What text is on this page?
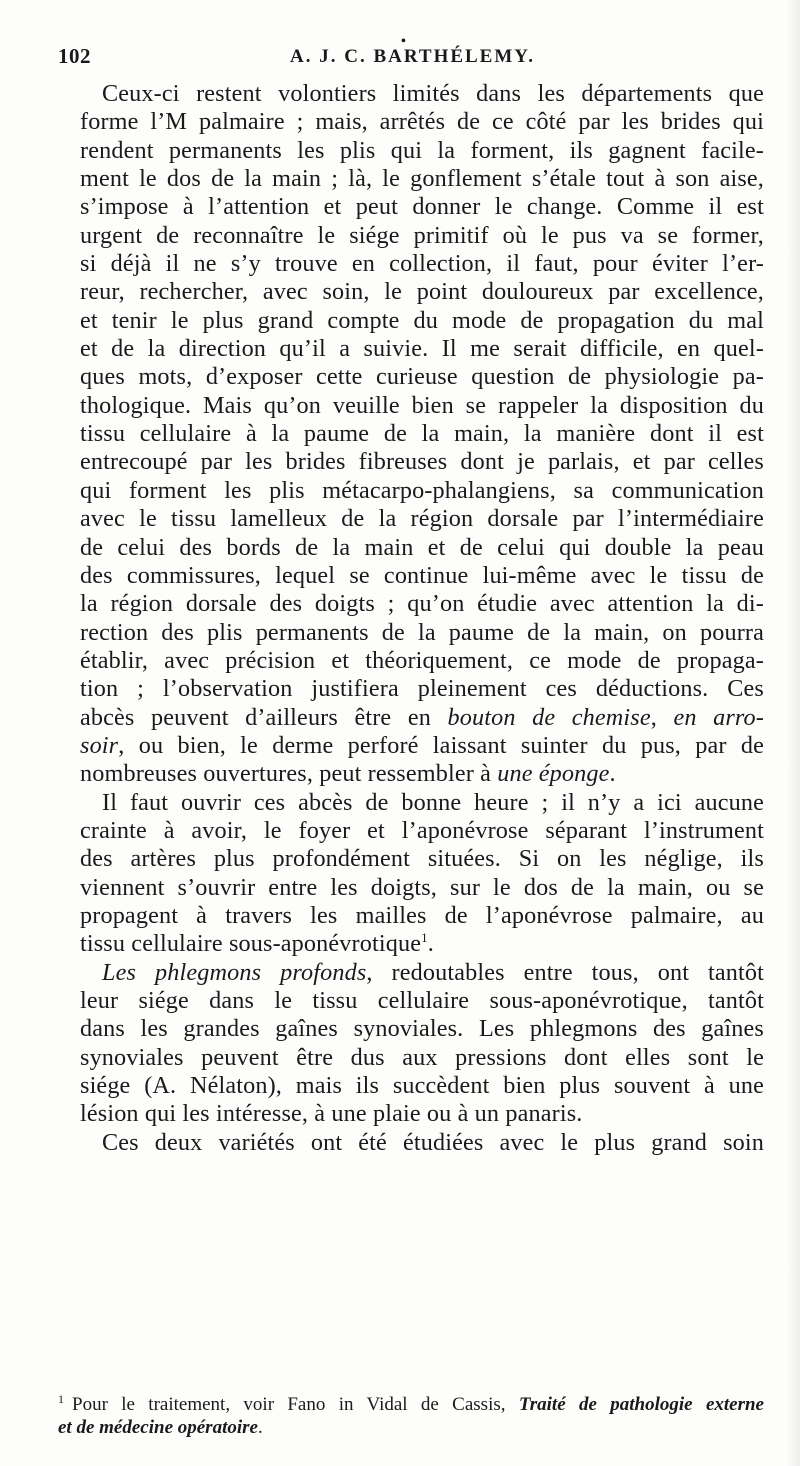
102
•
A. J. C. BARTHÉLEMY.
Ceux-ci restent volontiers limités dans les départements que
forme l’M palmaire ; mais, arrêtés de ce côté par les brides qui
rendent permanents les plis qui la forment, ils gagnent facile-
ment le dos de la main ; là, le gonflement s’étale tout à son aise,
s’impose à l’attention et peut donner le change. Comme il est
urgent de reconnaître le siége primitif où le pus va se former,
si déjà il ne s’y trouve en collection, il faut, pour éviter l’er-
reur, rechercher, avec soin, le point douloureux par excellence,
et tenir le plus grand compte du mode de propagation du mal
et de la direction qu’il a suivie. Il me serait difficile, en quel-
ques mots, d’exposer cette curieuse question de physiologie pa-
thologique. Mais qu’on veuille bien se rappeler la disposition du
tissu cellulaire à la paume de la main, la manière dont il est
entrecoupé par les brides fibreuses dont je parlais, et par celles
qui forment les plis métacarpo-phalangiens, sa communication
avec le tissu lamelleux de la région dorsale par l’intermédiaire
de celui des bords de la main et de celui qui double la peau
des commissures, lequel se continue lui-même avec le tissu de
la région dorsale des doigts ; qu’on étudie avec attention la di-
rection des plis permanents de la paume de la main, on pourra
établir, avec précision et théoriquement, ce mode de propaga-
tion ; l’observation justifiera pleinement ces déductions. Ces
abcès peuvent d’ailleurs être en bouton de chemise, en arro-
soir, ou bien, le derme perforé laissant suinter du pus, par de
nombreuses ouvertures, peut ressembler à une éponge.
Il faut ouvrir ces abcès de bonne heure ; il n’y a ici aucune
crainte à avoir, le foyer et l’aponévrose séparant l’instrument
des artères plus profondément situées. Si on les néglige, ils
viennent s’ouvrir entre les doigts, sur le dos de la main, ou se
propagent à travers les mailles de l’aponévrose palmaire, au
tissu cellulaire sous-aponévrotique$^1$.
Les phlegmons profonds, redoutables entre tous, ont tantôt
leur siége dans le tissu cellulaire sous-aponévrotique, tantôt
dans les grandes gaînes synoviales. Les phlegmons des gaînes
synoviales peuvent être dus aux pressions dont elles sont le
siége (A. Nélaton), mais ils succèdent bien plus souvent à une
lésion qui les intéresse, à une plaie ou à un panaris.
Ces deux variétés ont été étudiées avec le plus grand soin
$^1$ Pour le traitement, voir Fano in Vidal de Cassis, Traité de pathologie externe
et de médecine opératoire.
